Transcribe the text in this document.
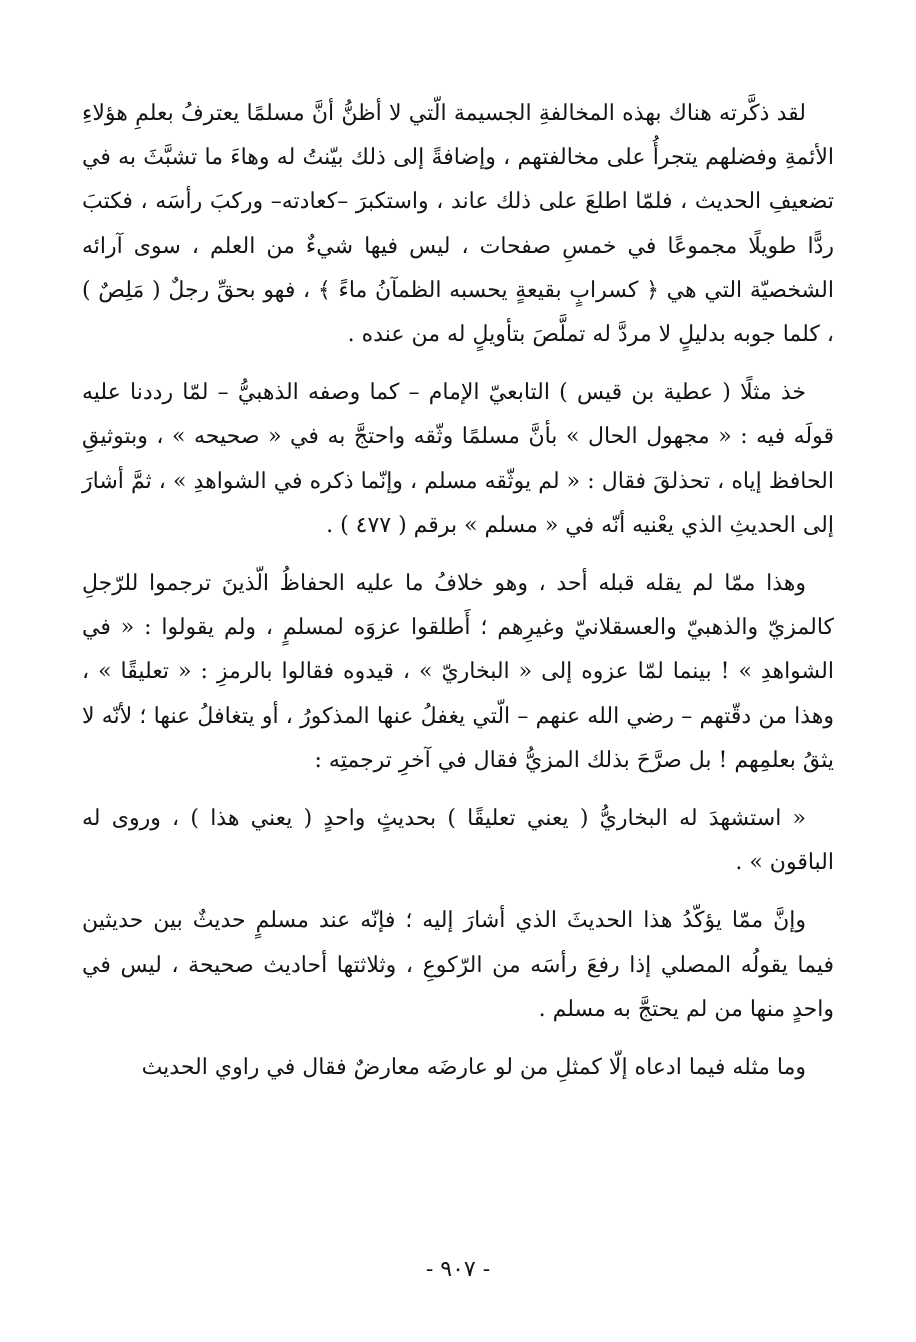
لقد ذكَّرته هناك بهذه المخالفةِ الجسيمة الّتي لا أظنُّ أنَّ مسلمًا يعترفُ بعلمِ هؤلاءِ الأئمةِ وفضلهم يتجرأُ على مخالفتهم ، وإضافةً إلى ذلك بيّنتُ له وهاءَ ما تشبَّثَ به في تضعيفِ الحديث ، فلمّا اطلعَ على ذلك عاند ، واستكبرَ –كعادته– وركبَ رأسَه ، فكتبَ ردًّا طويلًا مجموعًا في خمسِ صفحات ، ليس فيها شيءٌ من العلم ، سوى آرائه الشخصيّة التي هي ﴿ كسرابٍ بقيعةٍ يحسبه الظمآنُ ماءً ﴾ ، فهو بحقِّ رجلٌ ( مَلِصٌ ) ، كلما جوبه بدليلٍ لا مردَّ له تملَّصَ بتأويلٍ له من عنده .

خذ مثلًا ( عطية بن قيس ) التابعيّ الإمام – كما وصفه الذهبيُّ – لمّا رددنا عليه قولَه فيه : « مجهول الحال » بأنَّ مسلمًا وثّقه واحتجَّ به في « صحيحه » ، وبتوثيقِ الحافظ إياه ، تحذلقَ فقال : « لم يوثّقه مسلم ، وإنّما ذكره في الشواهدِ » ، ثمَّ أشارَ إلى الحديثِ الذي يعْنيه أنّه في « مسلم » برقم ( ٤٧٧ ) .

وهذا ممّا لم يقله قبله أحد ، وهو خلافُ ما عليه الحفاظُ الّذينَ ترجموا للرّجلِ كالمزيّ والذهبيّ والعسقلانيّ وغيرِهم ؛ أَطلقوا عزوَه لمسلمٍ ، ولم يقولوا : « في الشواهدِ » ! بينما لمّا عزوه إلى « البخاريّ » ، قيدوه فقالوا بالرمزِ : « تعليقًا » ، وهذا من دقّتهم – رضي الله عنهم – الّتي يغفلُ عنها المذكورُ ، أو يتغافلُ عنها ؛ لأنّه لا يثقُ بعلمِهم ! بل صرَّحَ بذلك المزيُّ فقال في آخرِ ترجمتِه :

« استشهدَ له البخاريُّ ( يعني تعليقًا ) بحديثٍ واحدٍ ( يعني هذا ) ، وروى له الباقون » .

وإنَّ ممّا يؤكّدُ هذا الحديثَ الذي أشارَ إليه ؛ فإنّه عند مسلمٍ حديثٌ بين حديثين فيما يقولُه المصلي إذا رفعَ رأسَه من الرّكوعِ ، وثلاثتها أحاديث صحيحة ، ليس في واحدٍ منها من لم يحتجَّ به مسلم .

وما مثله فيما ادعاه إلّا كمثلِ من لو عارضَه معارضٌ فقال في راوي الحديث

- ٩٠٧ -
